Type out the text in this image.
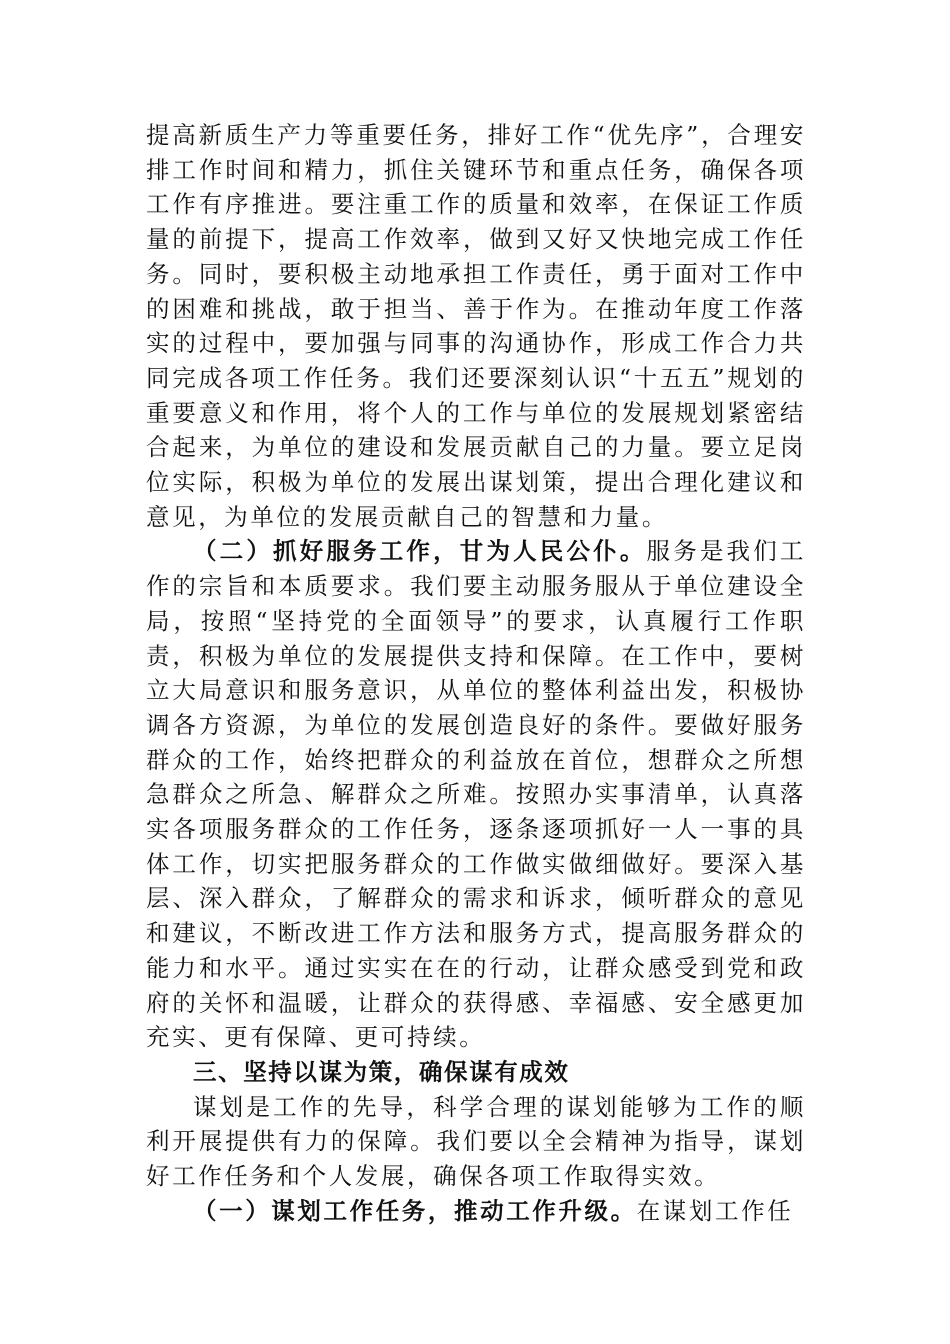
提高新质生产力等重要任务，排好工作“优先序”，合理安排工作时间和精力，抓住关键环节和重点任务，确保各项工作有序推进。要注重工作的质量和效率，在保证工作质量的前提下，提高工作效率，做到又好又快地完成工作任务。同时，要积极主动地承担工作责任，勇于面对工作中的困难和挑战，敢于担当、善于作为。在推动年度工作落实的过程中，要加强与同事的沟通协作，形成工作合力共同完成各项工作任务。我们还要深刻认识“十五五”规划的重要意义和作用，将个人的工作与单位的发展规划紧密结合起来，为单位的建设和发展贡献自己的力量。要立足岗位实际，积极为单位的发展出谋划策，提出合理化建议和意见，为单位的发展贡献自己的智慧和力量。

（二）抓好服务工作，甘为人民公仆。服务是我们工作的宗旨和本质要求。我们要主动服务服从于单位建设全局，按照“坚持党的全面领导”的要求，认真履行工作职责，积极为单位的发展提供支持和保障。在工作中，要树立大局意识和服务意识，从单位的整体利益出发，积极协调各方资源，为单位的发展创造良好的条件。要做好服务群众的工作，始终把群众的利益放在首位，想群众之所想急群众之所急、解群众之所难。按照办实事清单，认真落实各项服务群众的工作任务，逐条逐项抓好一人一事的具体工作，切实把服务群众的工作做实做细做好。要深入基层、深入群众，了解群众的需求和诉求，倾听群众的意见和建议，不断改进工作方法和服务方式，提高服务群众的能力和水平。通过实实在在的行动，让群众感受到党和政府的关怀和温暖，让群众的获得感、幸福感、安全感更加充实、更有保障、更可持续。

三、坚持以谋为策，确保谋有成效

谋划是工作的先导，科学合理的谋划能够为工作的顺利开展提供有力的保障。我们要以全会精神为指导，谋划好工作任务和个人发展，确保各项工作取得实效。

（一）谋划工作任务，推动工作升级。在谋划工作任
